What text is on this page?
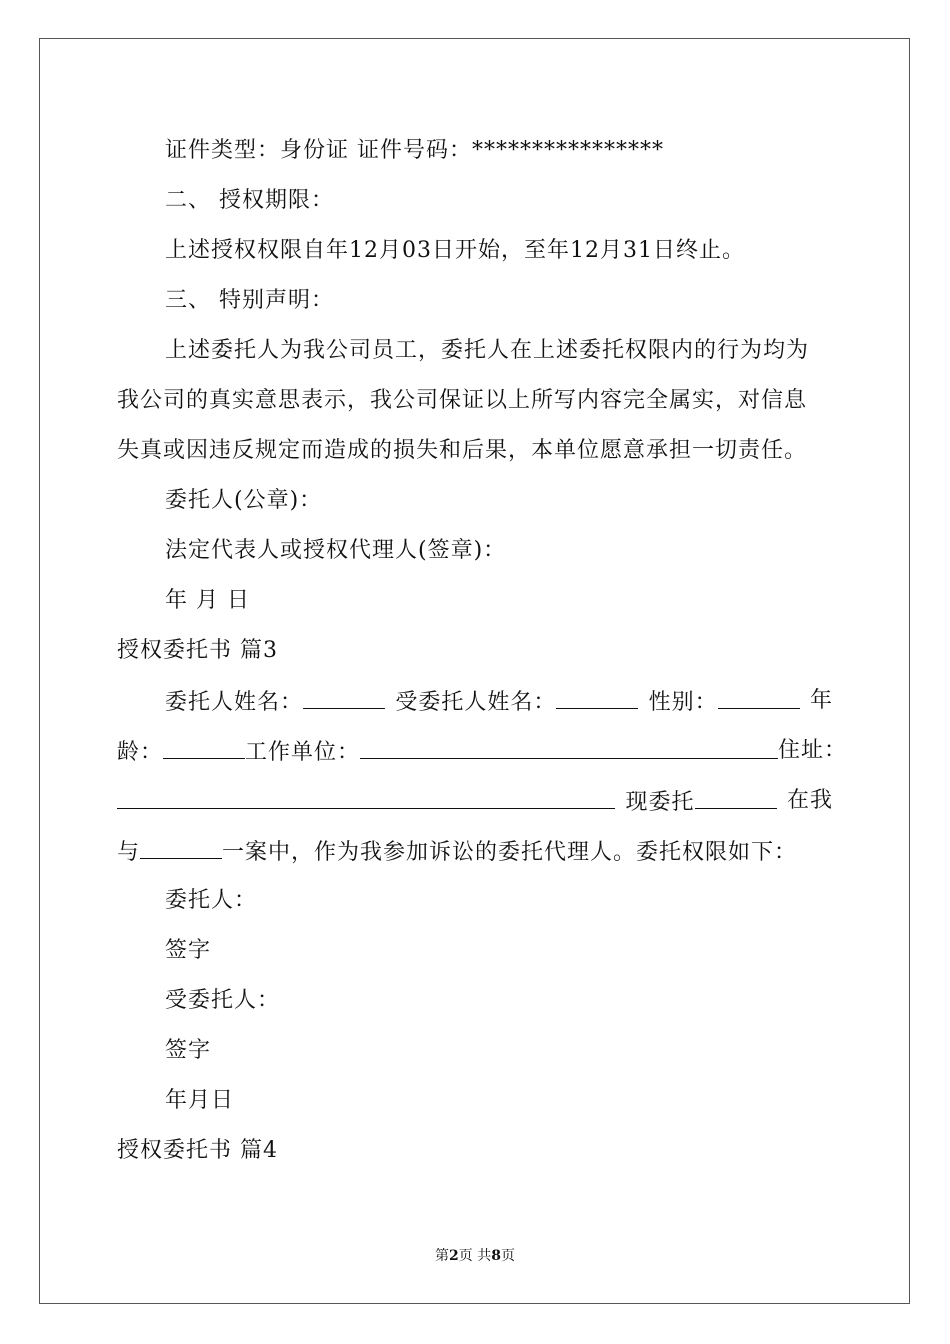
证件类型：身份证 证件号码：****************
二、 授权期限：
上述授权权限自年12月03日开始，至年12月31日终止。
三、 特别声明：
上述委托人为我公司员工，委托人在上述委托权限内的行为均为
我公司的真实意思表示，我公司保证以上所写内容完全属实，对信息
失真或因违反规定而造成的损失和后果，本单位愿意承担一切责任。
委托人(公章)：
法定代表人或授权代理人(签章)：
年 月 日
授权委托书 篇3
委托人姓名：	受委托人姓名：	性别：	年
龄：	工作单位：	住址：
现委托	在我
与	一案中，作为我参加诉讼的委托代理人。委托权限如下：
委托人：
签字
受委托人：
签字
年月日
授权委托书 篇4
第2页 共8页
